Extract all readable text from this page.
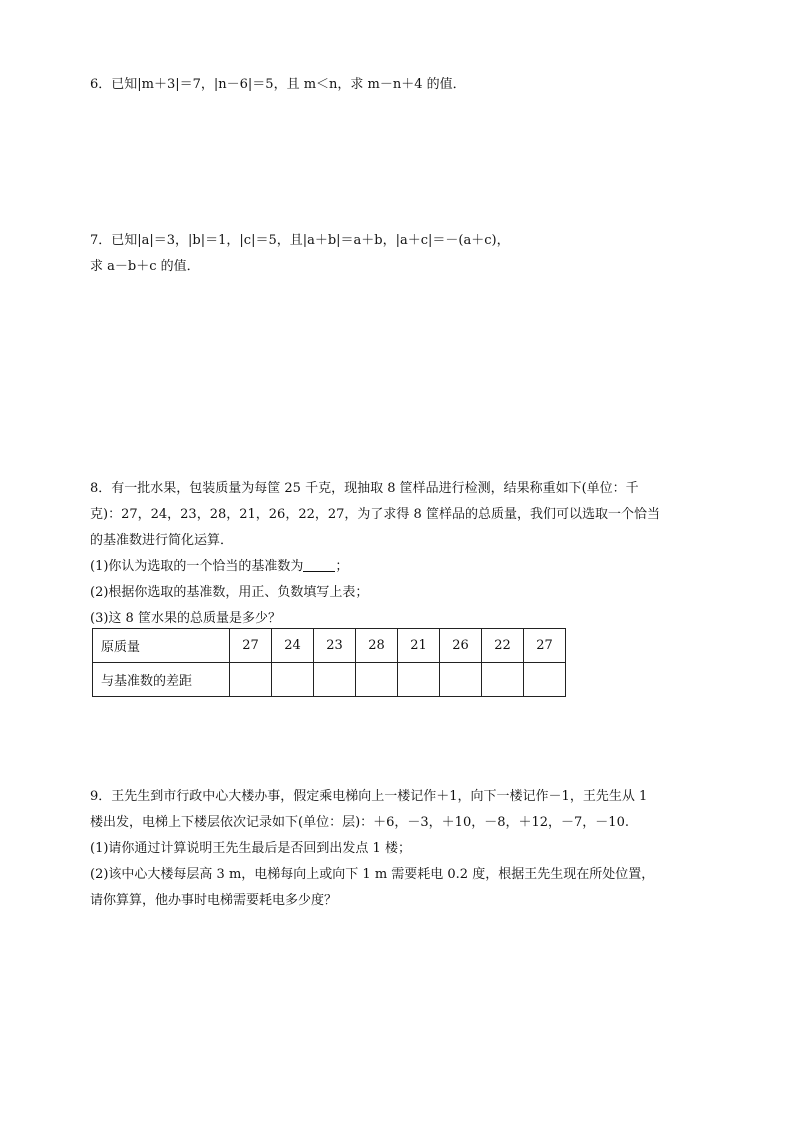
6．已知|m＋3|＝7，|n－6|＝5，且 m＜n，求 m－n＋4 的值．
7．已知|a|＝3，|b|＝1，|c|＝5，且|a＋b|＝a＋b，|a＋c|＝－(a＋c)，
求 a－b＋c 的值．
8．有一批水果，包装质量为每筐 25 千克，现抽取 8 筐样品进行检测，结果称重如下(单位：千
克)：27，24，23，28，21，26，22，27，为了求得 8 筐样品的总质量，我们可以选取一个恰当
的基准数进行简化运算．
(1)你认为选取的一个恰当的基准数为 ；
(2)根据你选取的基准数，用正、负数填写上表；
(3)这 8 筐水果的总质量是多少？
原质量	27	24	23	28	21	26	22	27
与基准数的差距								
9．王先生到市行政中心大楼办事，假定乘电梯向上一楼记作＋1，向下一楼记作－1，王先生从 1
楼出发，电梯上下楼层依次记录如下(单位：层)：＋6，－3，＋10，－8，＋12，－7，－10.
(1)请你通过计算说明王先生最后是否回到出发点 1 楼；
(2)该中心大楼每层高 3 m，电梯每向上或向下 1 m 需要耗电 0.2 度，根据王先生现在所处位置，
请你算算，他办事时电梯需要耗电多少度？
